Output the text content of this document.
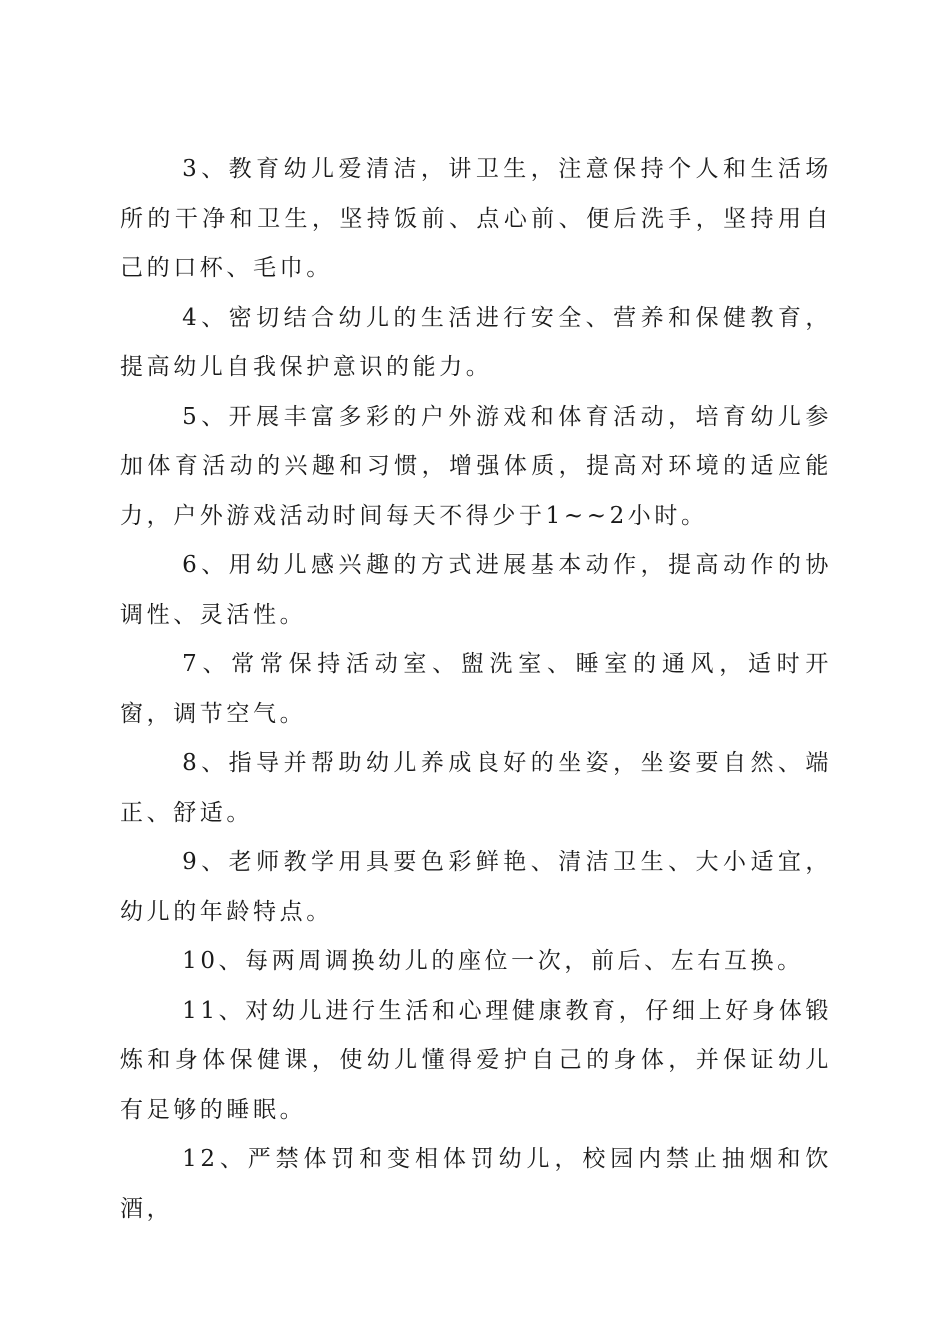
3、教育幼儿爱清洁，讲卫生，注意保持个人和生活场所的干净和卫生，坚持饭前、点心前、便后洗手，坚持用自己的口杯、毛巾。

4、密切结合幼儿的生活进行安全、营养和保健教育，提高幼儿自我保护意识的能力。

5、开展丰富多彩的户外游戏和体育活动，培育幼儿参加体育活动的兴趣和习惯，增强体质，提高对环境的适应能力，户外游戏活动时间每天不得少于1~~2小时。

6、用幼儿感兴趣的方式进展基本动作，提高动作的协调性、灵活性。

7、常常保持活动室、盥洗室、睡室的通风，适时开窗，调节空气。

8、指导并帮助幼儿养成良好的坐姿，坐姿要自然、端正、舒适。

9、老师教学用具要色彩鲜艳、清洁卫生、大小适宜，幼儿的年龄特点。

10、每两周调换幼儿的座位一次，前后、左右互换。

11、对幼儿进行生活和心理健康教育，仔细上好身体锻炼和身体保健课，使幼儿懂得爱护自己的身体，并保证幼儿有足够的睡眠。

12、严禁体罚和变相体罚幼儿，校园内禁止抽烟和饮酒，
